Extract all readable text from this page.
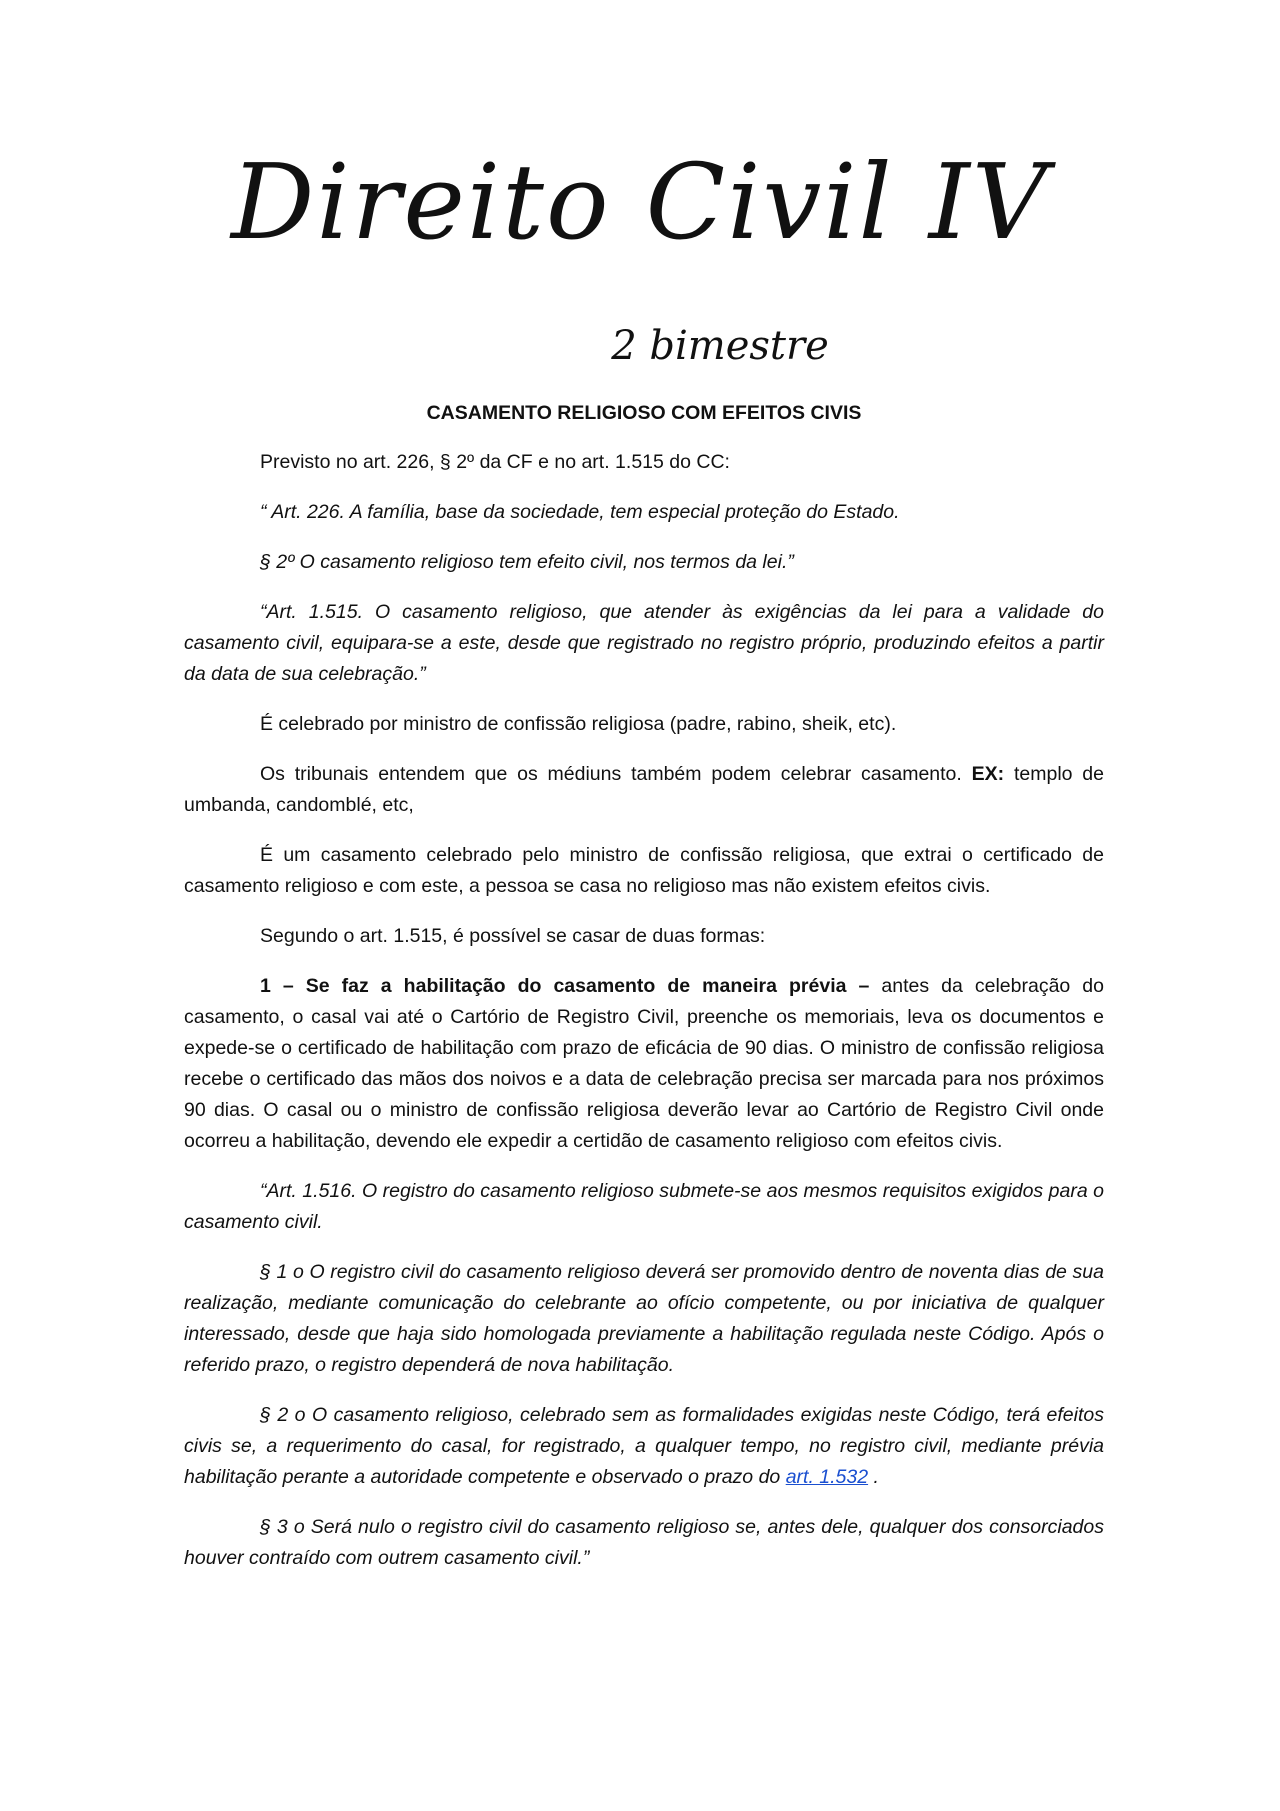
Direito Civil IV
2 bimestre

CASAMENTO RELIGIOSO COM EFEITOS CIVIS

Previsto no art. 226, § 2º da CF e no art. 1.515 do CC:

“ Art. 226. A família, base da sociedade, tem especial proteção do Estado.

§ 2º O casamento religioso tem efeito civil, nos termos da lei.”

“Art. 1.515. O casamento religioso, que atender às exigências da lei para a validade do casamento civil, equipara-se a este, desde que registrado no registro próprio, produzindo efeitos a partir da data de sua celebração.”

É celebrado por ministro de confissão religiosa (padre, rabino, sheik, etc).

Os tribunais entendem que os médiuns também podem celebrar casamento. EX: templo de umbanda, candomblé, etc,

É um casamento celebrado pelo ministro de confissão religiosa, que extrai o certificado de casamento religioso e com este, a pessoa se casa no religioso mas não existem efeitos civis.

Segundo o art. 1.515, é possível se casar de duas formas:

1 – Se faz a habilitação do casamento de maneira prévia – antes da celebração do casamento, o casal vai até o Cartório de Registro Civil, preenche os memoriais, leva os documentos e expede-se o certificado de habilitação com prazo de eficácia de 90 dias. O ministro de confissão religiosa recebe o certificado das mãos dos noivos e a data de celebração precisa ser marcada para nos próximos 90 dias. O casal ou o ministro de confissão religiosa deverão levar ao Cartório de Registro Civil onde ocorreu a habilitação, devendo ele expedir a certidão de casamento religioso com efeitos civis.

“Art. 1.516. O registro do casamento religioso submete-se aos mesmos requisitos exigidos para o casamento civil.

§ 1 o O registro civil do casamento religioso deverá ser promovido dentro de noventa dias de sua realização, mediante comunicação do celebrante ao ofício competente, ou por iniciativa de qualquer interessado, desde que haja sido homologada previamente a habilitação regulada neste Código. Após o referido prazo, o registro dependerá de nova habilitação.

§ 2 o O casamento religioso, celebrado sem as formalidades exigidas neste Código, terá efeitos civis se, a requerimento do casal, for registrado, a qualquer tempo, no registro civil, mediante prévia habilitação perante a autoridade competente e observado o prazo do art. 1.532 .

§ 3 o Será nulo o registro civil do casamento religioso se, antes dele, qualquer dos consorciados houver contraído com outrem casamento civil.”
